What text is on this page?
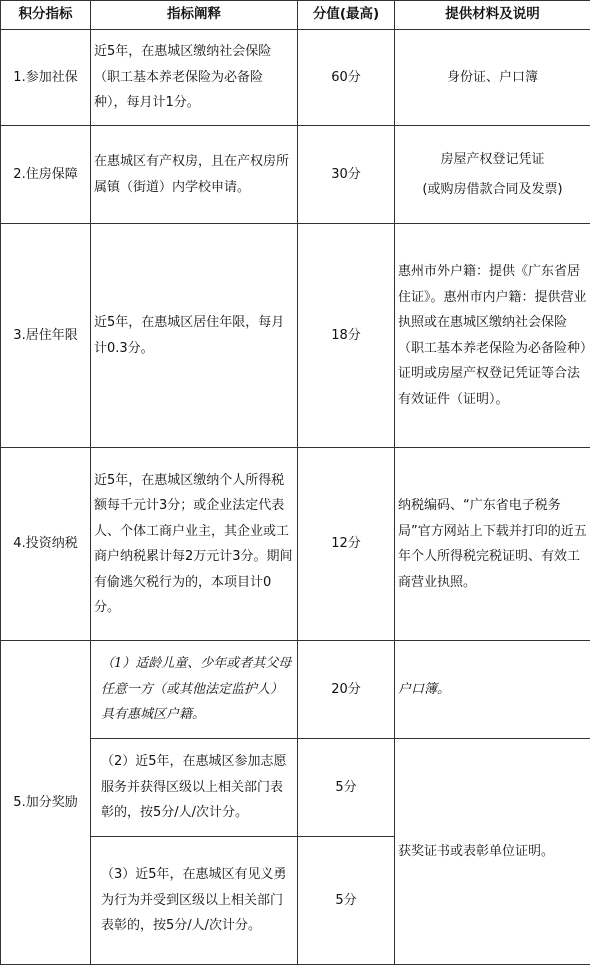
积分指标	指标阐释	分值(最高)	提供材料及说明
1.参加社保	近5年，在惠城区缴纳社会保险（职工基本养老保险为必备险种），每月计1分。	60分	身份证、户口簿
2.住房保障	在惠城区有产权房，且在产权房所属镇（街道）内学校申请。	30分	房屋产权登记凭证
(或购房借款合同及发票)

3.居住年限	近5年，在惠城区居住年限，每月计0.3分。	18分	惠州市外户籍：提供《广东省居住证》。惠州市内户籍：提供营业执照或在惠城区缴纳社会保险（职工基本养老保险为必备险种）证明或房屋产权登记凭证等合法有效证件（证明）。
4.投资纳税	近5年，在惠城区缴纳个人所得税额每千元计3分；或企业法定代表人、个体工商户业主，其企业或工商户纳税累计每2万元计3分。期间有偷逃欠税行为的，本项目计0分。	12分	纳税编码、“广东省电子税务局”官方网站上下载并打印的近五年个人所得税完税证明、有效工商营业执照。
5.加分奖励	（1）适龄儿童、少年或者其父母任意一方（或其他法定监护人）具有惠城区户籍。	20分	户口簿。
	（2）近5年，在惠城区参加志愿服务并获得区级以上相关部门表彰的，按5分/人/次计分。	5分	获奖证书或表彰单位证明。
	（3）近5年，在惠城区有见义勇为行为并受到区级以上相关部门表彰的，按5分/人/次计分。	5分	
